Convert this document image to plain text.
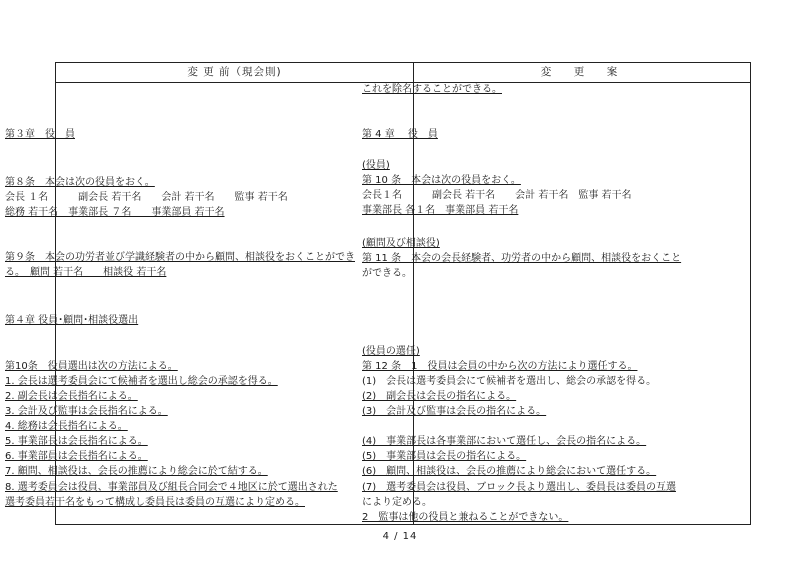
変 更 前（現会則)	変　更　案
第３章　役　員
第８条　本会は次の役員をおく。
会長 １名　　　副会長 若干名　　会計 若干名　　監事 若干名
総務 若干名　事業部長 ７名　　事業部員 若干名
第９条　本会の功労者並び学識経験者の中から顧問、相談役をおくことができ
る。　顧問 若干名　　相談役 若干名
第４章 役員･顧問･相談役選出
第10条　役員選出は次の方法による。
1. 会長は選考委員会にて候補者を選出し総会の承認を得る。
2. 副会長は会長指名による。
3. 会計及び監事は会長指名による。
4. 総務は会長指名による。
5. 事業部長は会長指名による。
6. 事業部員は会長指名による。
7. 顧問、相談役は、会長の推薦により総会に於て結する。
8. 選考委員会は役員、事業部員及び組長合同会で４地区に於て選出された
選考委員若干名をもって構成し委員長は委員の互選により定める。
これを除名することができる。
第 4 章　 役　員
(役員)
第 10 条　本会は次の役員をおく。
会長１名　　　副会長 若干名　　会計 若干名　監事 若干名
事業部長 各１名　事業部員 若干名
(顧問及び相談役)
第 11 条　本会の会長経験者、功労者の中から顧問、相談役をおくこと
ができる。
(役員の選任)
第 12 条　1　役員は会員の中から次の方法により選任する。
(1)　会長は選考委員会にて候補者を選出し、総会の承認を得る。
(2)　副会長は会長の指名による。
(3)　会計及び監事は会長の指名による。
(4)　事業部長は各事業部において選任し、会長の指名による。
(5)　事業部員は会長の指名による。
(6)　顧問、相談役は、会長の推薦により総会において選任する。
(7)　選考委員会は役員、ブロック長より選出し、委員長は委員の互選
により定める。
2　監事は他の役員と兼ねることができない。
4 / 14
